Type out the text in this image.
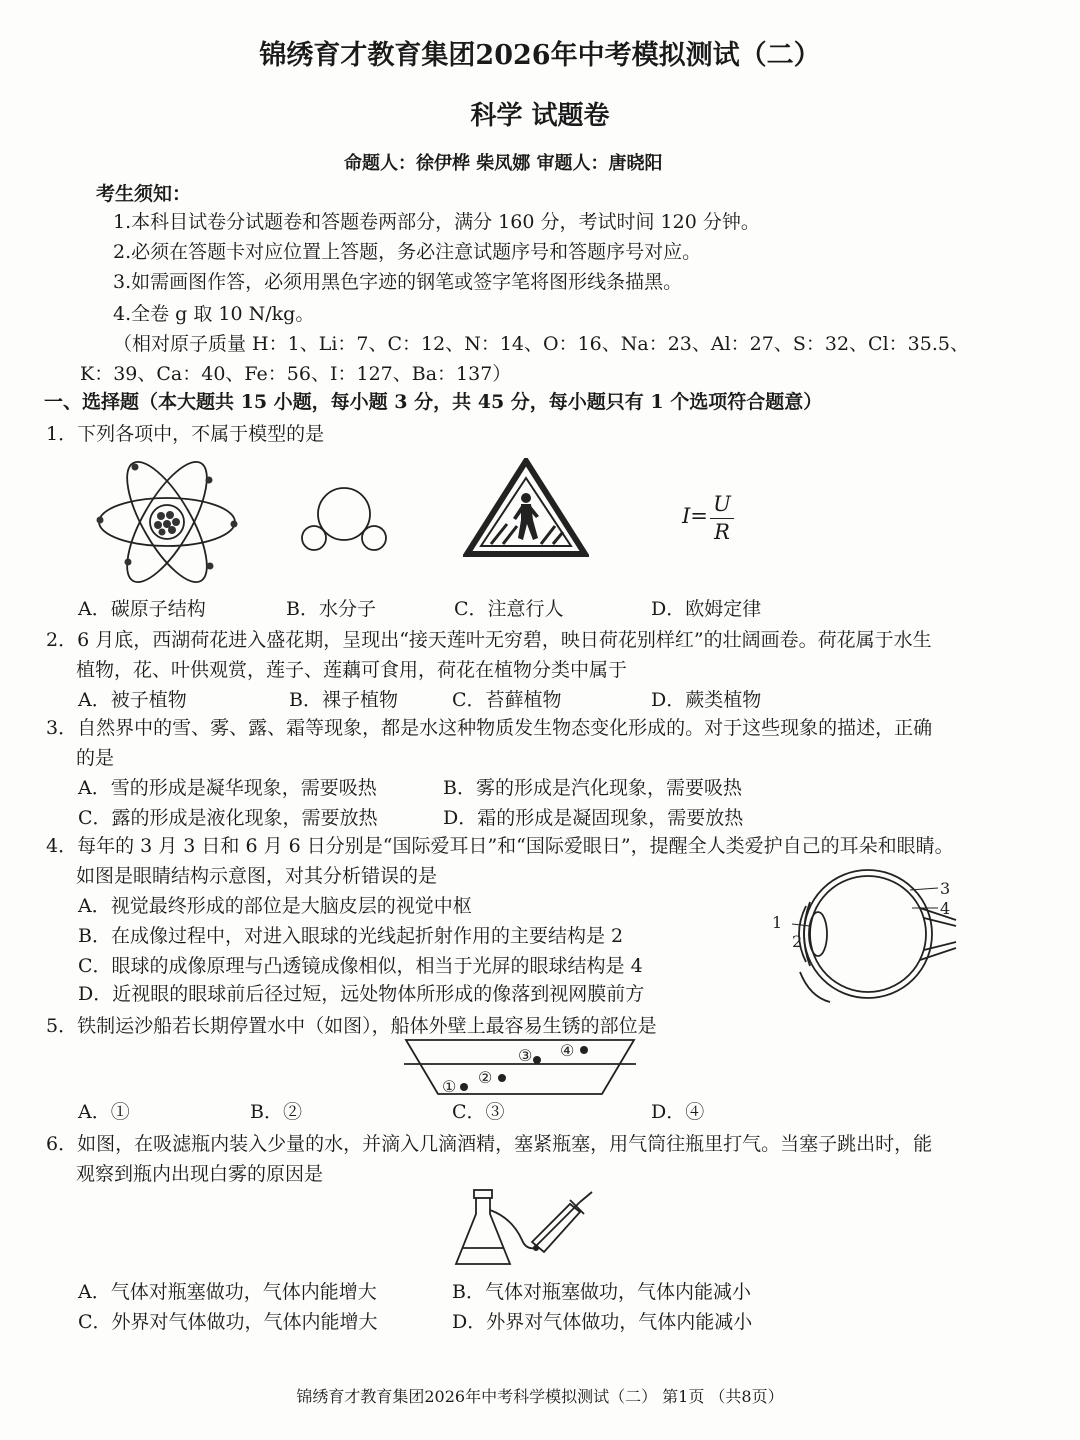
锦绣育才教育集团2026年中考模拟测试（二）
科学 试题卷
命题人：徐伊桦 柴凤娜 审题人：唐晓阳
考生须知：
1.本科目试卷分试题卷和答题卷两部分，满分 160 分，考试时间 120 分钟。
2.必须在答题卡对应位置上答题，务必注意试题序号和答题序号对应。
3.如需画图作答，必须用黑色字迹的钢笔或签字笔将图形线条描黑。
4.全卷 g 取 10 N/kg。
（相对原子质量 H：1、Li：7、C：12、N：14、O：16、Na：23、Al：27、S：32、Cl：35.5、
K：39、Ca：40、Fe：56、I：127、Ba：137）
一、选择题（本大题共 15 小题，每小题 3 分，共 45 分，每小题只有 1 个选项符合题意）
1．下列各项中，不属于模型的是
I= U
R
A．碳原子结构	B．水分子	C．注意行人	D．欧姆定律
2．6 月底，西湖荷花进入盛花期，呈现出“接天莲叶无穷碧，映日荷花别样红”的壮阔画卷。荷花属于水生
植物，花、叶供观赏，莲子、莲藕可食用，荷花在植物分类中属于
A．被子植物	B．裸子植物	C．苔藓植物	D．蕨类植物
3．自然界中的雪、雾、露、霜等现象，都是水这种物质发生物态变化形成的。对于这些现象的描述，正确
的是
A．雪的形成是凝华现象，需要吸热	B．雾的形成是汽化现象，需要吸热
C．露的形成是液化现象，需要放热	D．霜的形成是凝固现象，需要放热
4．每年的 3 月 3 日和 6 月 6 日分别是“国际爱耳日”和“国际爱眼日”，提醒全人类爱护自己的耳朵和眼睛。
如图是眼睛结构示意图，对其分析错误的是
A．视觉最终形成的部位是大脑皮层的视觉中枢
B．在成像过程中，对进入眼球的光线起折射作用的主要结构是 2
C．眼球的成像原理与凸透镜成像相似，相当于光屏的眼球结构是 4
D．近视眼的眼球前后径过短，远处物体所形成的像落到视网膜前方
1
2
3
4
5．铁制运沙船若长期停置水中（如图），船体外壁上最容易生锈的部位是
① ②
③ ④
A．①	B．②	C．③	D．④
6．如图，在吸滤瓶内装入少量的水，并滴入几滴酒精，塞紧瓶塞，用气筒往瓶里打气。当塞子跳出时，能
观察到瓶内出现白雾的原因是
A．气体对瓶塞做功，气体内能增大	B．气体对瓶塞做功，气体内能减小
C．外界对气体做功，气体内能增大	D．外界对气体做功，气体内能减小
锦绣育才教育集团2026年中考科学模拟测试（二） 第1页 （共8页）
